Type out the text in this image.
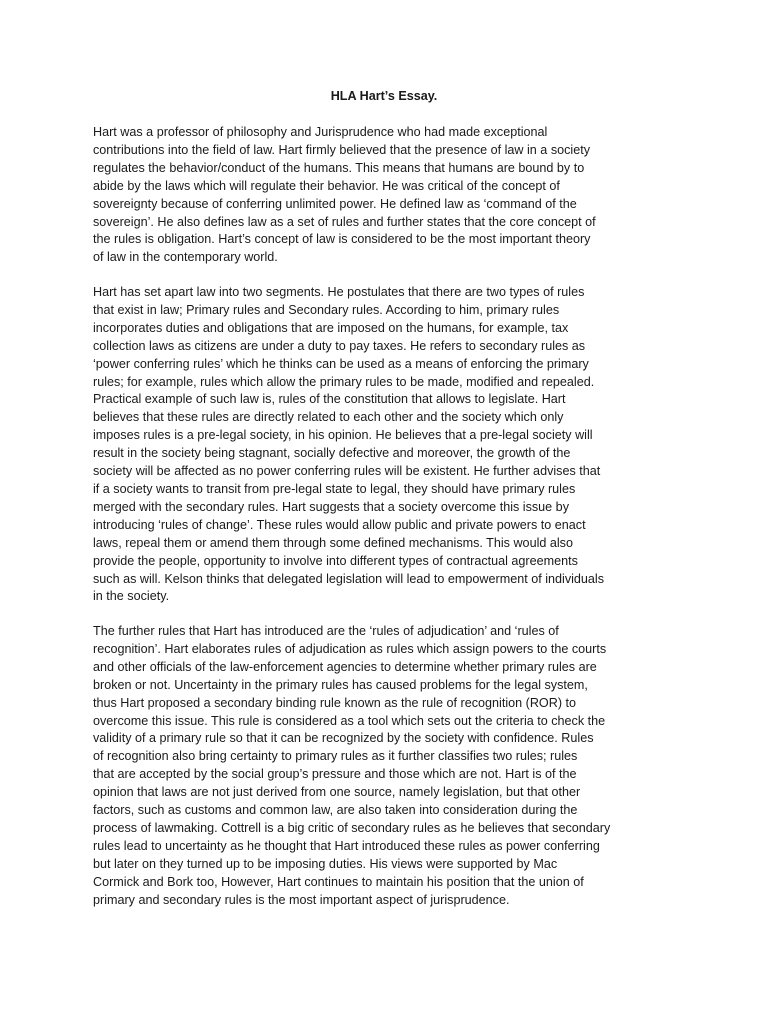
HLA Hart’s Essay.
Hart was a professor of philosophy and Jurisprudence who had made exceptional
contributions into the field of law. Hart firmly believed that the presence of law in a society
regulates the behavior/conduct of the humans. This means that humans are bound by to
abide by the laws which will regulate their behavior. He was critical of the concept of
sovereignty because of conferring unlimited power. He defined law as ‘command of the
sovereign’. He also defines law as a set of rules and further states that the core concept of
the rules is obligation. Hart’s concept of law is considered to be the most important theory
of law in the contemporary world.
Hart has set apart law into two segments. He postulates that there are two types of rules
that exist in law; Primary rules and Secondary rules. According to him, primary rules
incorporates duties and obligations that are imposed on the humans, for example, tax
collection laws as citizens are under a duty to pay taxes. He refers to secondary rules as
‘power conferring rules’ which he thinks can be used as a means of enforcing the primary
rules; for example, rules which allow the primary rules to be made, modified and repealed.
Practical example of such law is, rules of the constitution that allows to legislate. Hart
believes that these rules are directly related to each other and the society which only
imposes rules is a pre-legal society, in his opinion. He believes that a pre-legal society will
result in the society being stagnant, socially defective and moreover, the growth of the
society will be affected as no power conferring rules will be existent. He further advises that
if a society wants to transit from pre-legal state to legal, they should have primary rules
merged with the secondary rules. Hart suggests that a society overcome this issue by
introducing ‘rules of change’. These rules would allow public and private powers to enact
laws, repeal them or amend them through some defined mechanisms. This would also
provide the people, opportunity to involve into different types of contractual agreements
such as will. Kelson thinks that delegated legislation will lead to empowerment of individuals
in the society.
The further rules that Hart has introduced are the ‘rules of adjudication’ and ‘rules of
recognition’. Hart elaborates rules of adjudication as rules which assign powers to the courts
and other officials of the law-enforcement agencies to determine whether primary rules are
broken or not. Uncertainty in the primary rules has caused problems for the legal system,
thus Hart proposed a secondary binding rule known as the rule of recognition (ROR) to
overcome this issue. This rule is considered as a tool which sets out the criteria to check the
validity of a primary rule so that it can be recognized by the society with confidence. Rules
of recognition also bring certainty to primary rules as it further classifies two rules; rules
that are accepted by the social group’s pressure and those which are not. Hart is of the
opinion that laws are not just derived from one source, namely legislation, but that other
factors, such as customs and common law, are also taken into consideration during the
process of lawmaking. Cottrell is a big critic of secondary rules as he believes that secondary
rules lead to uncertainty as he thought that Hart introduced these rules as power conferring
but later on they turned up to be imposing duties. His views were supported by Mac
Cormick and Bork too, However, Hart continues to maintain his position that the union of
primary and secondary rules is the most important aspect of jurisprudence.
